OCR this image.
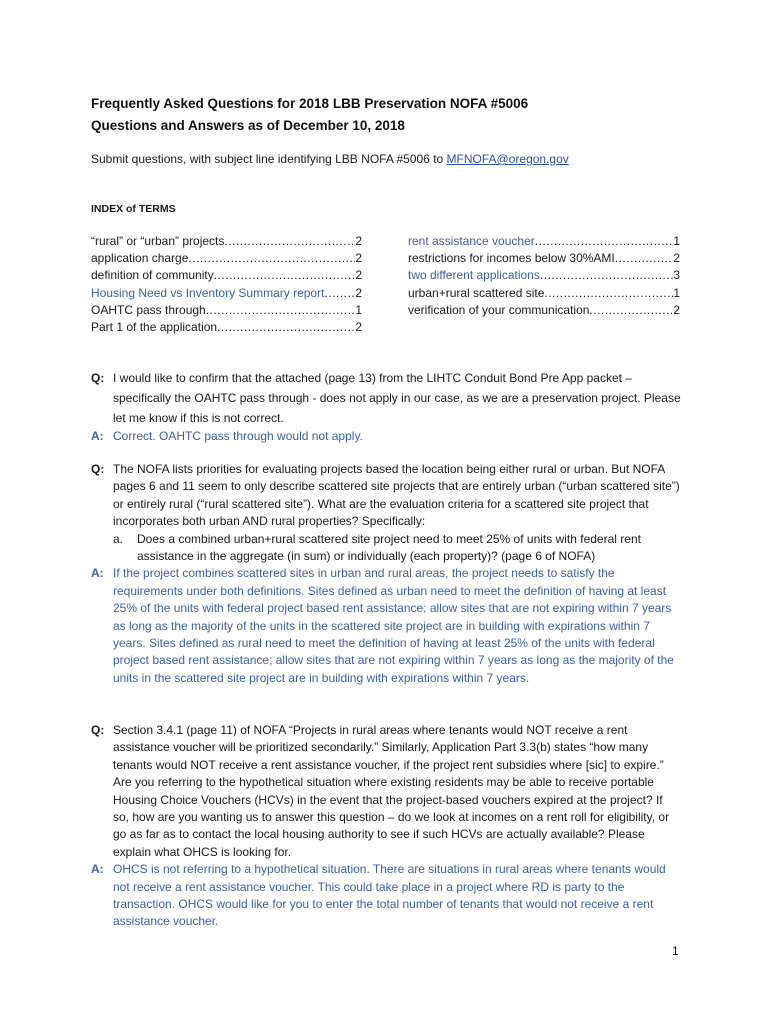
Frequently Asked Questions for 2018 LBB Preservation NOFA #5006
Questions and Answers as of December 10, 2018
Submit questions, with subject line identifying LBB NOFA #5006 to MFNOFA@oregon.gov
INDEX of TERMS
“rural” or “urban” projects .....	2
application charge .....	2
definition of community .....	2
Housing Need vs Inventory Summary report .....	2
OAHTC pass through .....	1
Part 1 of the application .....	2
rent assistance voucher .....	1
restrictions for incomes below 30%AMI .....	2
two different applications .....	3
urban+rural scattered site .....	1
verification of your communication .....	2
Q: I would like to confirm that the attached (page 13) from the LIHTC Conduit Bond Pre App packet – specifically the OAHTC pass through - does not apply in our case, as we are a preservation project. Please let me know if this is not correct.
A: Correct. OAHTC pass through would not apply.
Q: The NOFA lists priorities for evaluating projects based the location being either rural or urban. But NOFA pages 6 and 11 seem to only describe scattered site projects that are entirely urban (“urban scattered site”) or entirely rural (“rural scattered site”). What are the evaluation criteria for a scattered site project that incorporates both urban AND rural properties? Specifically:
a.	Does a combined urban+rural scattered site project need to meet 25% of units with federal rent assistance in the aggregate (in sum) or individually (each property)? (page 6 of NOFA)
A: If the project combines scattered sites in urban and rural areas, the project needs to satisfy the requirements under both definitions. Sites defined as urban need to meet the definition of having at least 25% of the units with federal project based rent assistance; allow sites that are not expiring within 7 years as long as the majority of the units in the scattered site project are in building with expirations within 7 years. Sites defined as rural need to meet the definition of having at least 25% of the units with federal project based rent assistance; allow sites that are not expiring within 7 years as long as the majority of the units in the scattered site project are in building with expirations within 7 years.
Q: Section 3.4.1 (page 11) of NOFA “Projects in rural areas where tenants would NOT receive a rent assistance voucher will be prioritized secondarily.” Similarly, Application Part 3.3(b) states “how many tenants would NOT receive a rent assistance voucher, if the project rent subsidies where [sic] to expire.” Are you referring to the hypothetical situation where existing residents may be able to receive portable Housing Choice Vouchers (HCVs) in the event that the project-based vouchers expired at the project? If so, how are you wanting us to answer this question – do we look at incomes on a rent roll for eligibility, or go as far as to contact the local housing authority to see if such HCVs are actually available? Please explain what OHCS is looking for.
A: OHCS is not referring to a hypothetical situation. There are situations in rural areas where tenants would not receive a rent assistance voucher. This could take place in a project where RD is party to the transaction. OHCS would like for you to enter the total number of tenants that would not receive a rent assistance voucher.
1
